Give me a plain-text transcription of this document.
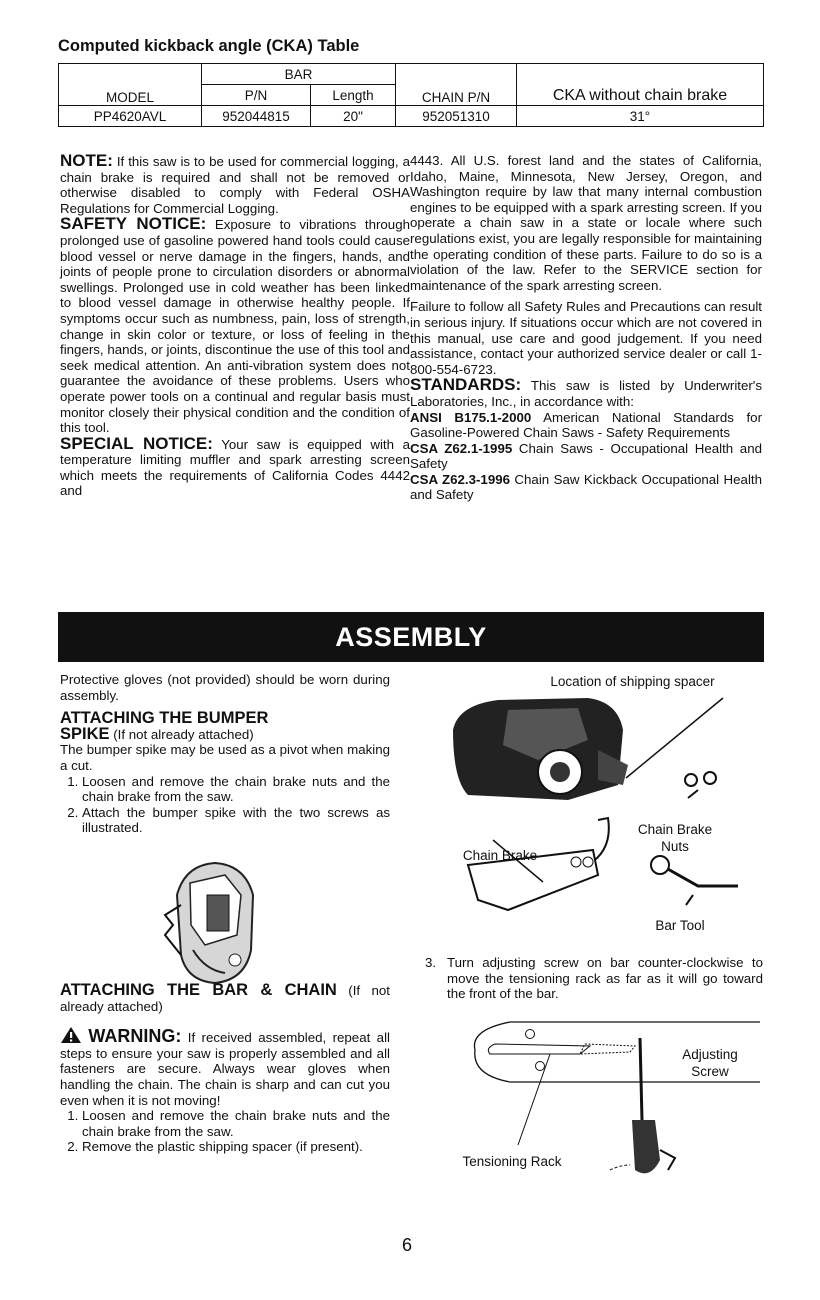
Computed kickback angle (CKA) Table
MODEL	BAR		CHAIN P/N	CKA without chain brake
	P/N	Length		
PP4620AVL	952044815	20"	952051310	31°

NOTE: If this saw is to be used for commercial logging, a chain brake is required and shall not be removed or otherwise disabled to comply with Federal OSHA Regulations for Commercial Logging.

SAFETY NOTICE: Exposure to vibrations through prolonged use of gasoline powered hand tools could cause blood vessel or nerve damage in the fingers, hands, and joints of people prone to circulation disorders or abnormal swellings. Prolonged use in cold weather has been linked to blood vessel damage in otherwise healthy people. If symptoms occur such as numbness, pain, loss of strength, change in skin color or texture, or loss of feeling in the fingers, hands, or joints, discontinue the use of this tool and seek medical attention. An anti-vibration system does not guarantee the avoidance of these problems. Users who operate power tools on a continual and regular basis must monitor closely their physical condition and the condition of this tool.

SPECIAL NOTICE: Your saw is equipped with a temperature limiting muffler and spark arresting screen which meets the requirements of California Codes 4442 and

4443. All U.S. forest land and the states of California, Idaho, Maine, Minnesota, New Jersey, Oregon, and Washington require by law that many internal combustion engines to be equipped with a spark arresting screen. If you operate a chain saw in a state or locale where such regulations exist, you are legally responsible for maintaining the operating condition of these parts. Failure to do so is a violation of the law. Refer to the SERVICE section for maintenance of the spark arresting screen.

Failure to follow all Safety Rules and Precautions can result in serious injury. If situations occur which are not covered in this manual, use care and good judgement. If you need assistance, contact your authorized service dealer or call 1-800-554-6723.

STANDARDS: This saw is listed by Underwriter's Laboratories, Inc., in accordance with:

ANSI B175.1-2000 American National Standards for Gasoline-Powered Chain Saws - Safety Requirements

CSA Z62.1-1995 Chain Saws - Occupational Health and Safety

CSA Z62.3-1996 Chain Saw Kickback Occupational Health and Safety

ASSEMBLY

Protective gloves (not provided) should be worn during assembly.

ATTACHING THE BUMPER
SPIKE (If not already attached)

The bumper spike may be used as a pivot when making a cut.

1. Loosen and remove the chain brake nuts and the chain brake from the saw.
2. Attach the bumper spike with the two screws as illustrated.
ATTACHING THE BAR & CHAIN (If not already attached)

WARNING: If received assembled, repeat all steps to ensure your saw is properly assembled and all fasteners are secure. Always wear gloves when handling the chain. The chain is sharp and can cut you even when it is not moving!

1. Loosen and remove the chain brake nuts and the chain brake from the saw.
2. Remove the plastic shipping spacer (if present).
Location of shipping spacer
Chain Brake
Nuts
Chain Brake
Bar Tool
3. Turn adjusting screw on bar counter-clockwise to move the tensioning rack as far as it will go toward the front of the bar.
Adjusting
Screw
Tensioning Rack
6
